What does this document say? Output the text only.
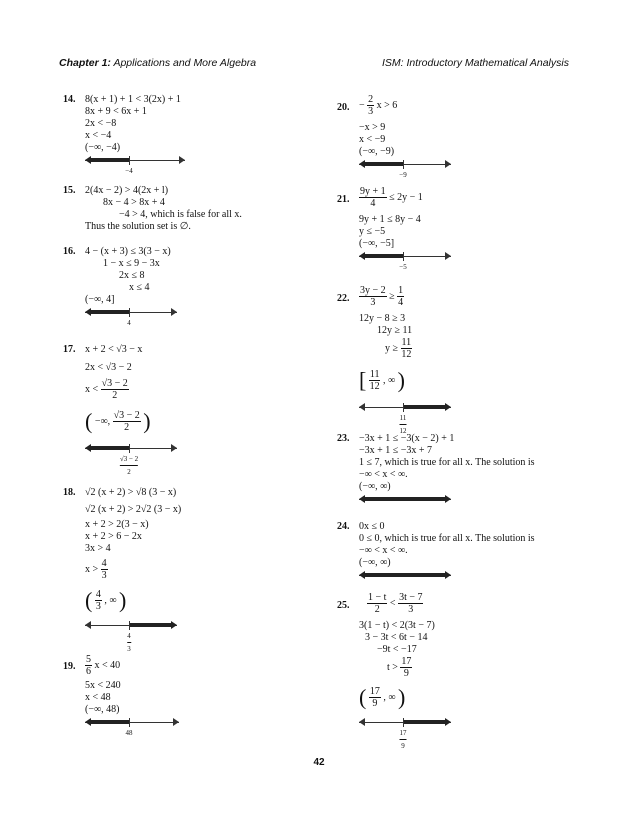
Chapter 1: Applications and More Algebra	ISM: Introductory Mathematical Analysis
14. 8(x + 1) + 1 < 3(2x) + 1
8x + 9 < 6x + 1
2x < −8
x < −4
(−∞, −4)
−4
15. 2(4x − 2) > 4(2x + l)
8x − 4 > 8x + 4
−4 > 4, which is false for all x.
Thus the solution set is ∅.
16. 4 − (x + 3) ≤ 3(3 − x)
1 − x ≤ 9 − 3x
2x ≤ 8
x ≤ 4
(−∞, 4]
4
17. x + 2 < √3 − x
2x < √3 − 2
$x < \frac{√3 - 2}{2}$
( −∞, $\frac{√3 - 2}{2}$ )
√3 − 2
2
18. √2 (x + 2) > √8 (3 − x)
√2 (x + 2) > 2√2 (3 − x)
x + 2 > 2(3 − x)
x + 2 > 6 − 2x
3x > 4
$x > \frac{4}{3}$
( $\frac{4}{3}$ , ∞ )
4
3
19. $\frac{5}{6}$ x < 40
5x < 240
x < 48
(−∞, 48)
48
20. − $\frac{2}{3}$ x > 6
−x > 9
x < −9
(−∞, −9)
−9
21. $\frac{9y + 1}{4} \le 2y - 1$
9y + 1 ≤ 8y − 4
y ≤ −5
(−∞, −5]
−5
22. $\frac{3y - 2}{3} \ge \frac{1}{4}$
12y − 8 ≥ 3
12y ≥ 11
$y \ge \frac{11}{12}$
[ $\frac{11}{12}$ , ∞ )
11
12
23. −3x + 1 ≤ −3(x − 2) + 1
−3x + 1 ≤ −3x + 7
1 ≤ 7, which is true for all x. The solution is
−∞ < x < ∞.
(−∞, ∞)
24. 0x ≤ 0
0 ≤ 0, which is true for all x. The solution is
−∞ < x < ∞.
(−∞, ∞)
25. $\frac{1 - t}{2} < \frac{3t - 7}{3}$
3(1 − t) < 2(3t − 7)
3 − 3t < 6t − 14
−9t < −17
$t > \frac{17}{9}$
( $\frac{17}{9}$ , ∞ )
17
9
42
